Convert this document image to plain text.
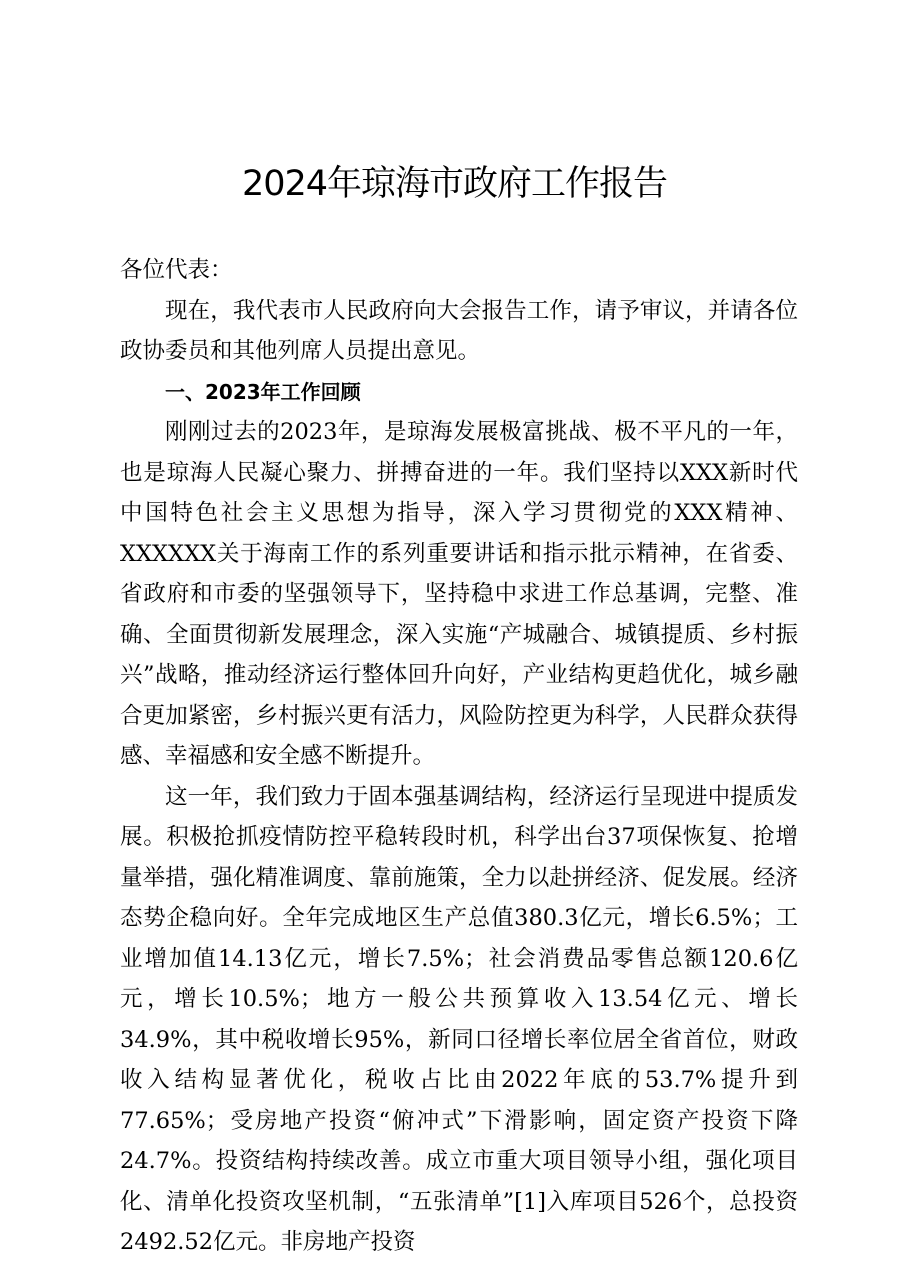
2024年琼海市政府工作报告

各位代表：

现在，我代表市人民政府向大会报告工作，请予审议，并请各位政协委员和其他列席人员提出意见。

一、2023年工作回顾

刚刚过去的2023年，是琼海发展极富挑战、极不平凡的一年，也是琼海人民凝心聚力、拼搏奋进的一年。我们坚持以XXX新时代中国特色社会主义思想为指导，深入学习贯彻党的XXX精神、XXXXXX关于海南工作的系列重要讲话和指示批示精神，在省委、省政府和市委的坚强领导下，坚持稳中求进工作总基调，完整、准确、全面贯彻新发展理念，深入实施“产城融合、城镇提质、乡村振兴”战略，推动经济运行整体回升向好，产业结构更趋优化，城乡融合更加紧密，乡村振兴更有活力，风险防控更为科学，人民群众获得感、幸福感和安全感不断提升。

这一年，我们致力于固本强基调结构，经济运行呈现进中提质发展。积极抢抓疫情防控平稳转段时机，科学出台37项保恢复、抢增量举措，强化精准调度、靠前施策，全力以赴拼经济、促发展。经济态势企稳向好。全年完成地区生产总值380.3亿元，增长6.5%；工业增加值14.13亿元，增长7.5%；社会消费品零售总额120.6亿元，增长10.5%；地方一般公共预算收入13.54亿元、增长34.9%，其中税收增长95%，新同口径增长率位居全省首位，财政收入结构显著优化，税收占比由2022年底的53.7%提升到77.65%；受房地产投资“俯冲式”下滑影响，固定资产投资下降24.7%。投资结构持续改善。成立市重大项目领导小组，强化项目化、清单化投资攻坚机制，“五张清单”[1]入库项目526个，总投资2492.52亿元。非房地产投资
